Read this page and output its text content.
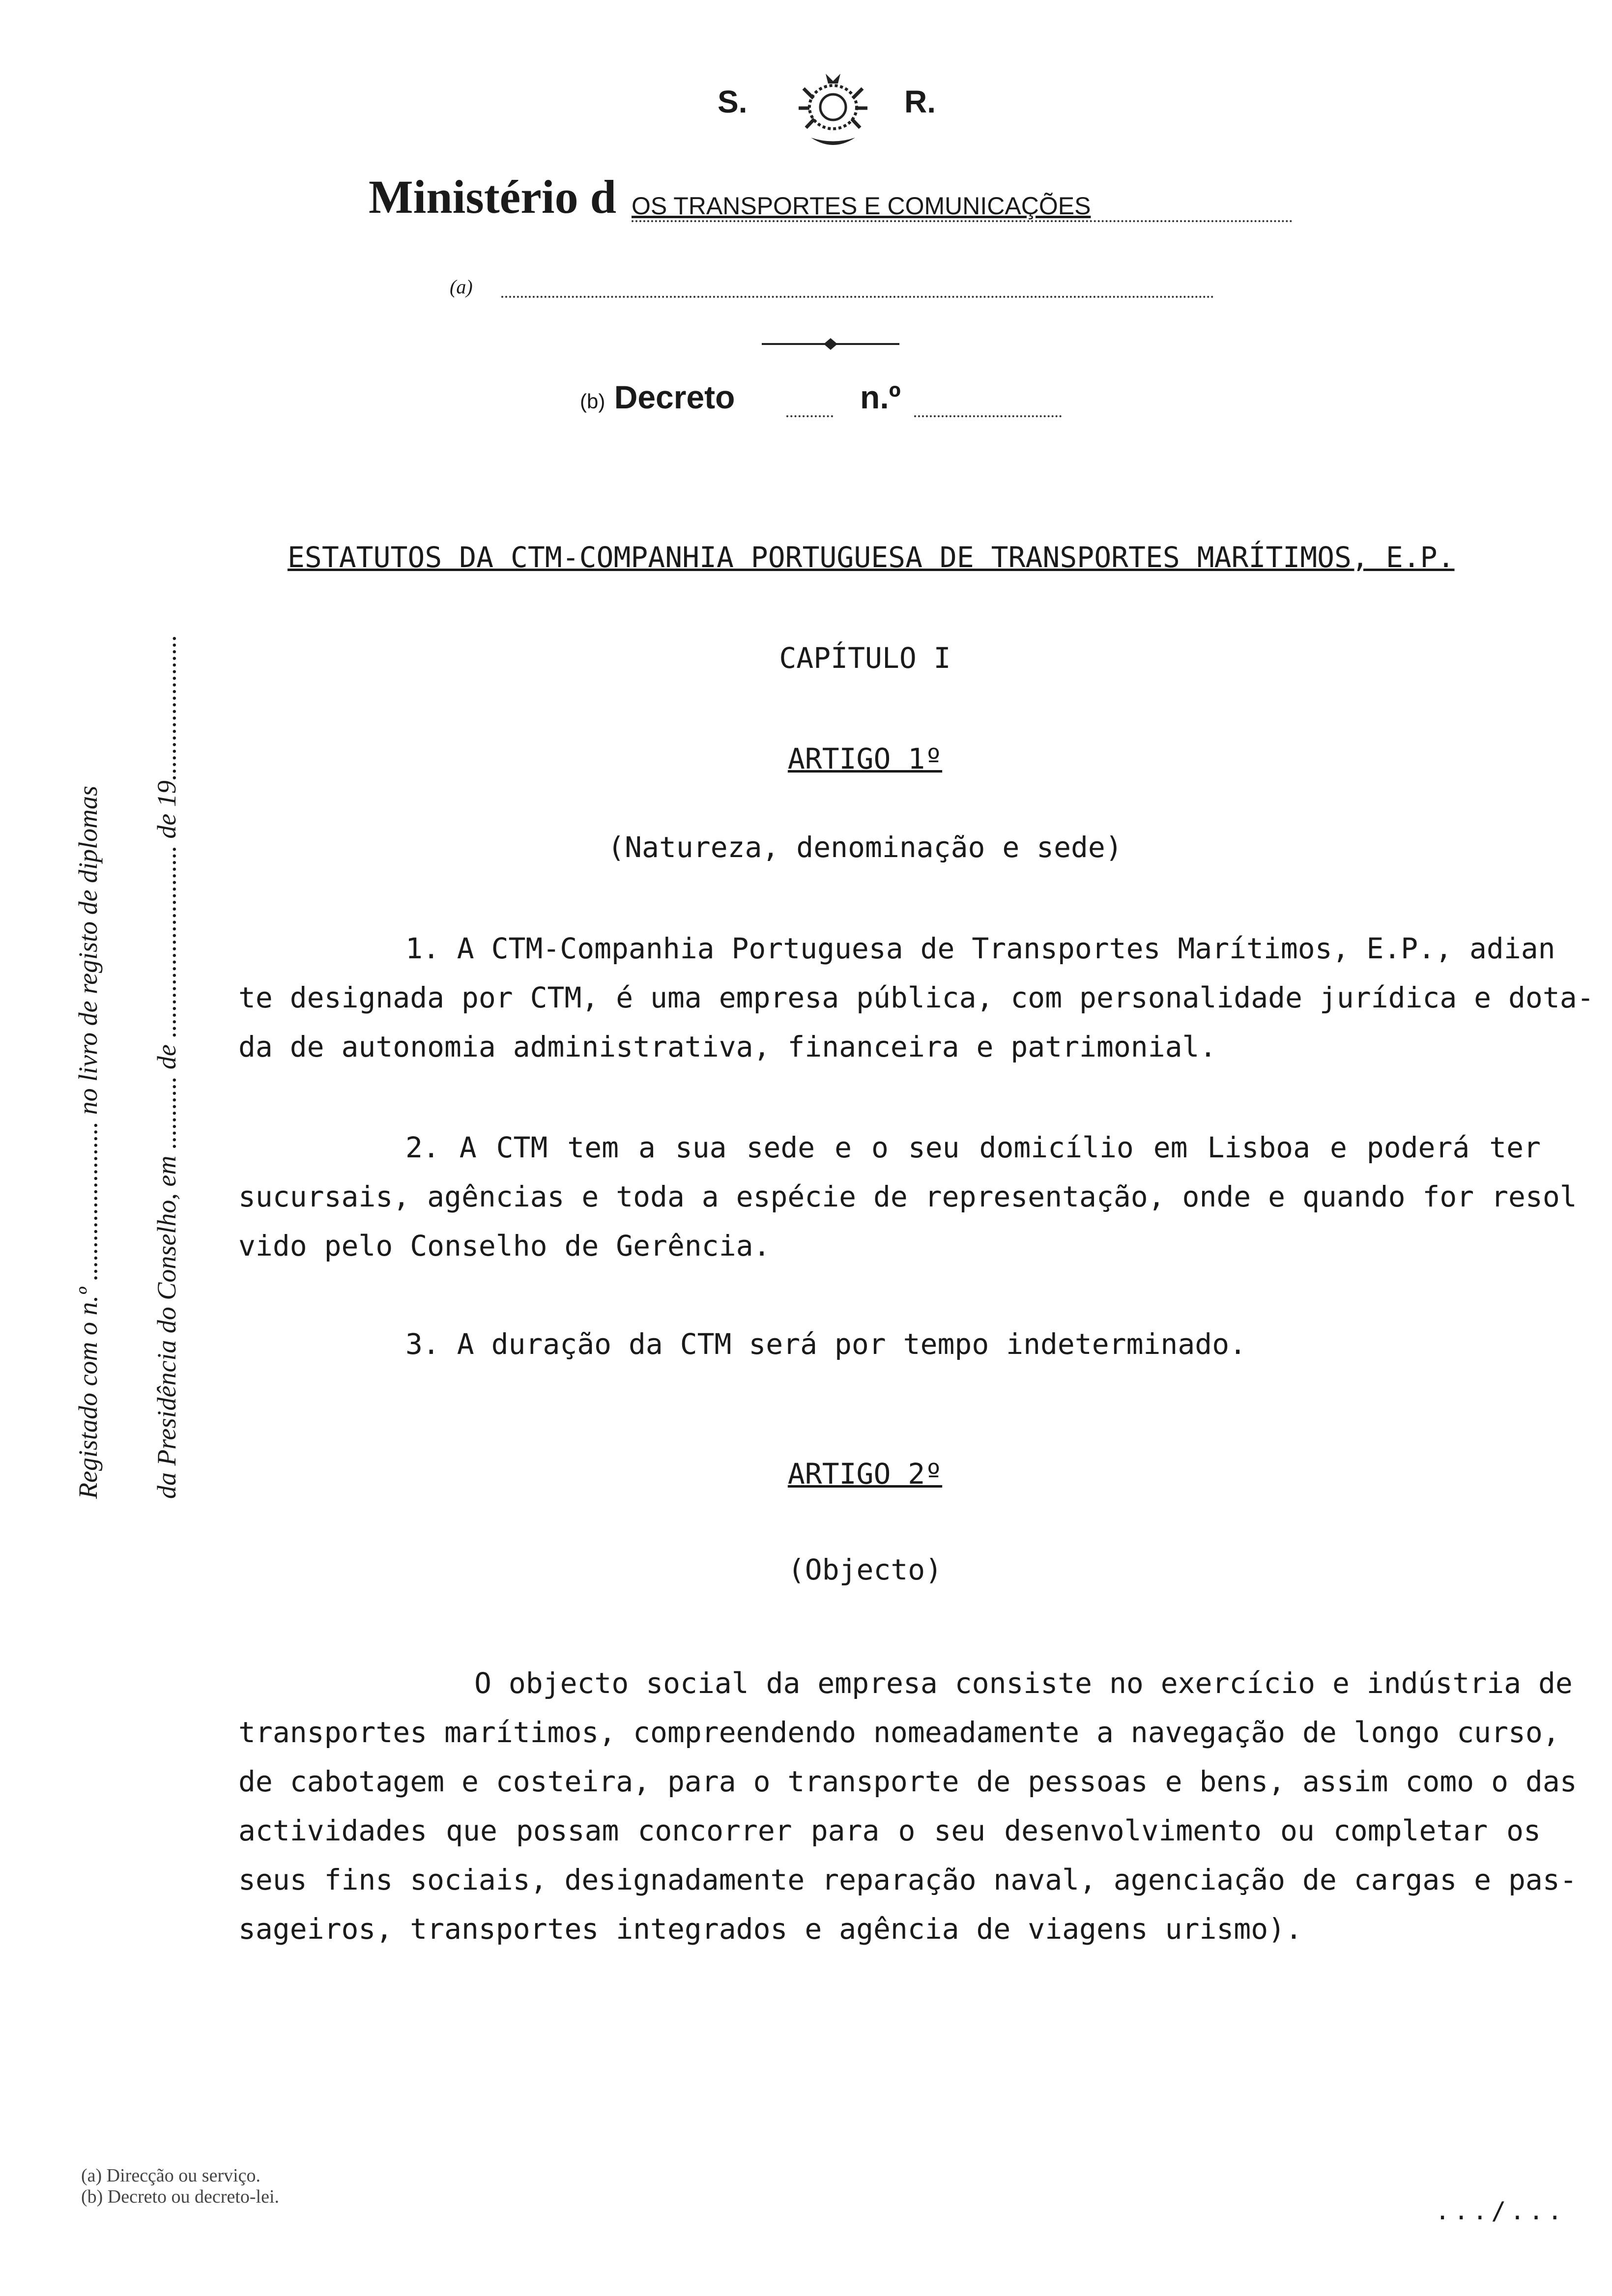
S.	R.
Ministério d OS TRANSPORTES E COMUNICAÇÕES
(a)
(b) Decreto	n.º
Registado com o n.º ........................ no livro de registo de diplomas da Presidência do Conselho, em ........... de ............................. de 19......................
ESTATUTOS DA CTM-COMPANHIA PORTUGUESA DE TRANSPORTES MARÍTIMOS, E.P.
CAPÍTULO I
ARTIGO 1º
(Natureza, denominação e sede)
1. A CTM-Companhia Portuguesa de Transportes Marítimos, E.P., adian
te designada por CTM, é uma empresa pública, com personalidade jurídica e dota-
da de autonomia administrativa, financeira e patrimonial.
2. A CTM tem a sua sede e o seu domicílio em Lisboa e poderá ter
sucursais, agências e toda a espécie de representação, onde e quando for resol
vido pelo Conselho de Gerência.
3. A duração da CTM será por tempo indeterminado.
ARTIGO 2º
(Objecto)
O objecto social da empresa consiste no exercício e indústria de
transportes marítimos, compreendendo nomeadamente a navegação de longo curso,
de cabotagem e costeira, para o transporte de pessoas e bens, assim como o das
actividades que possam concorrer para o seu desenvolvimento ou completar os
seus fins sociais, designadamente reparação naval, agenciação de cargas e pas-
sageiros, transportes integrados e agência de viagens urismo).
(a) Direcção ou serviço.
(b) Decreto ou decreto-lei.	.../...
